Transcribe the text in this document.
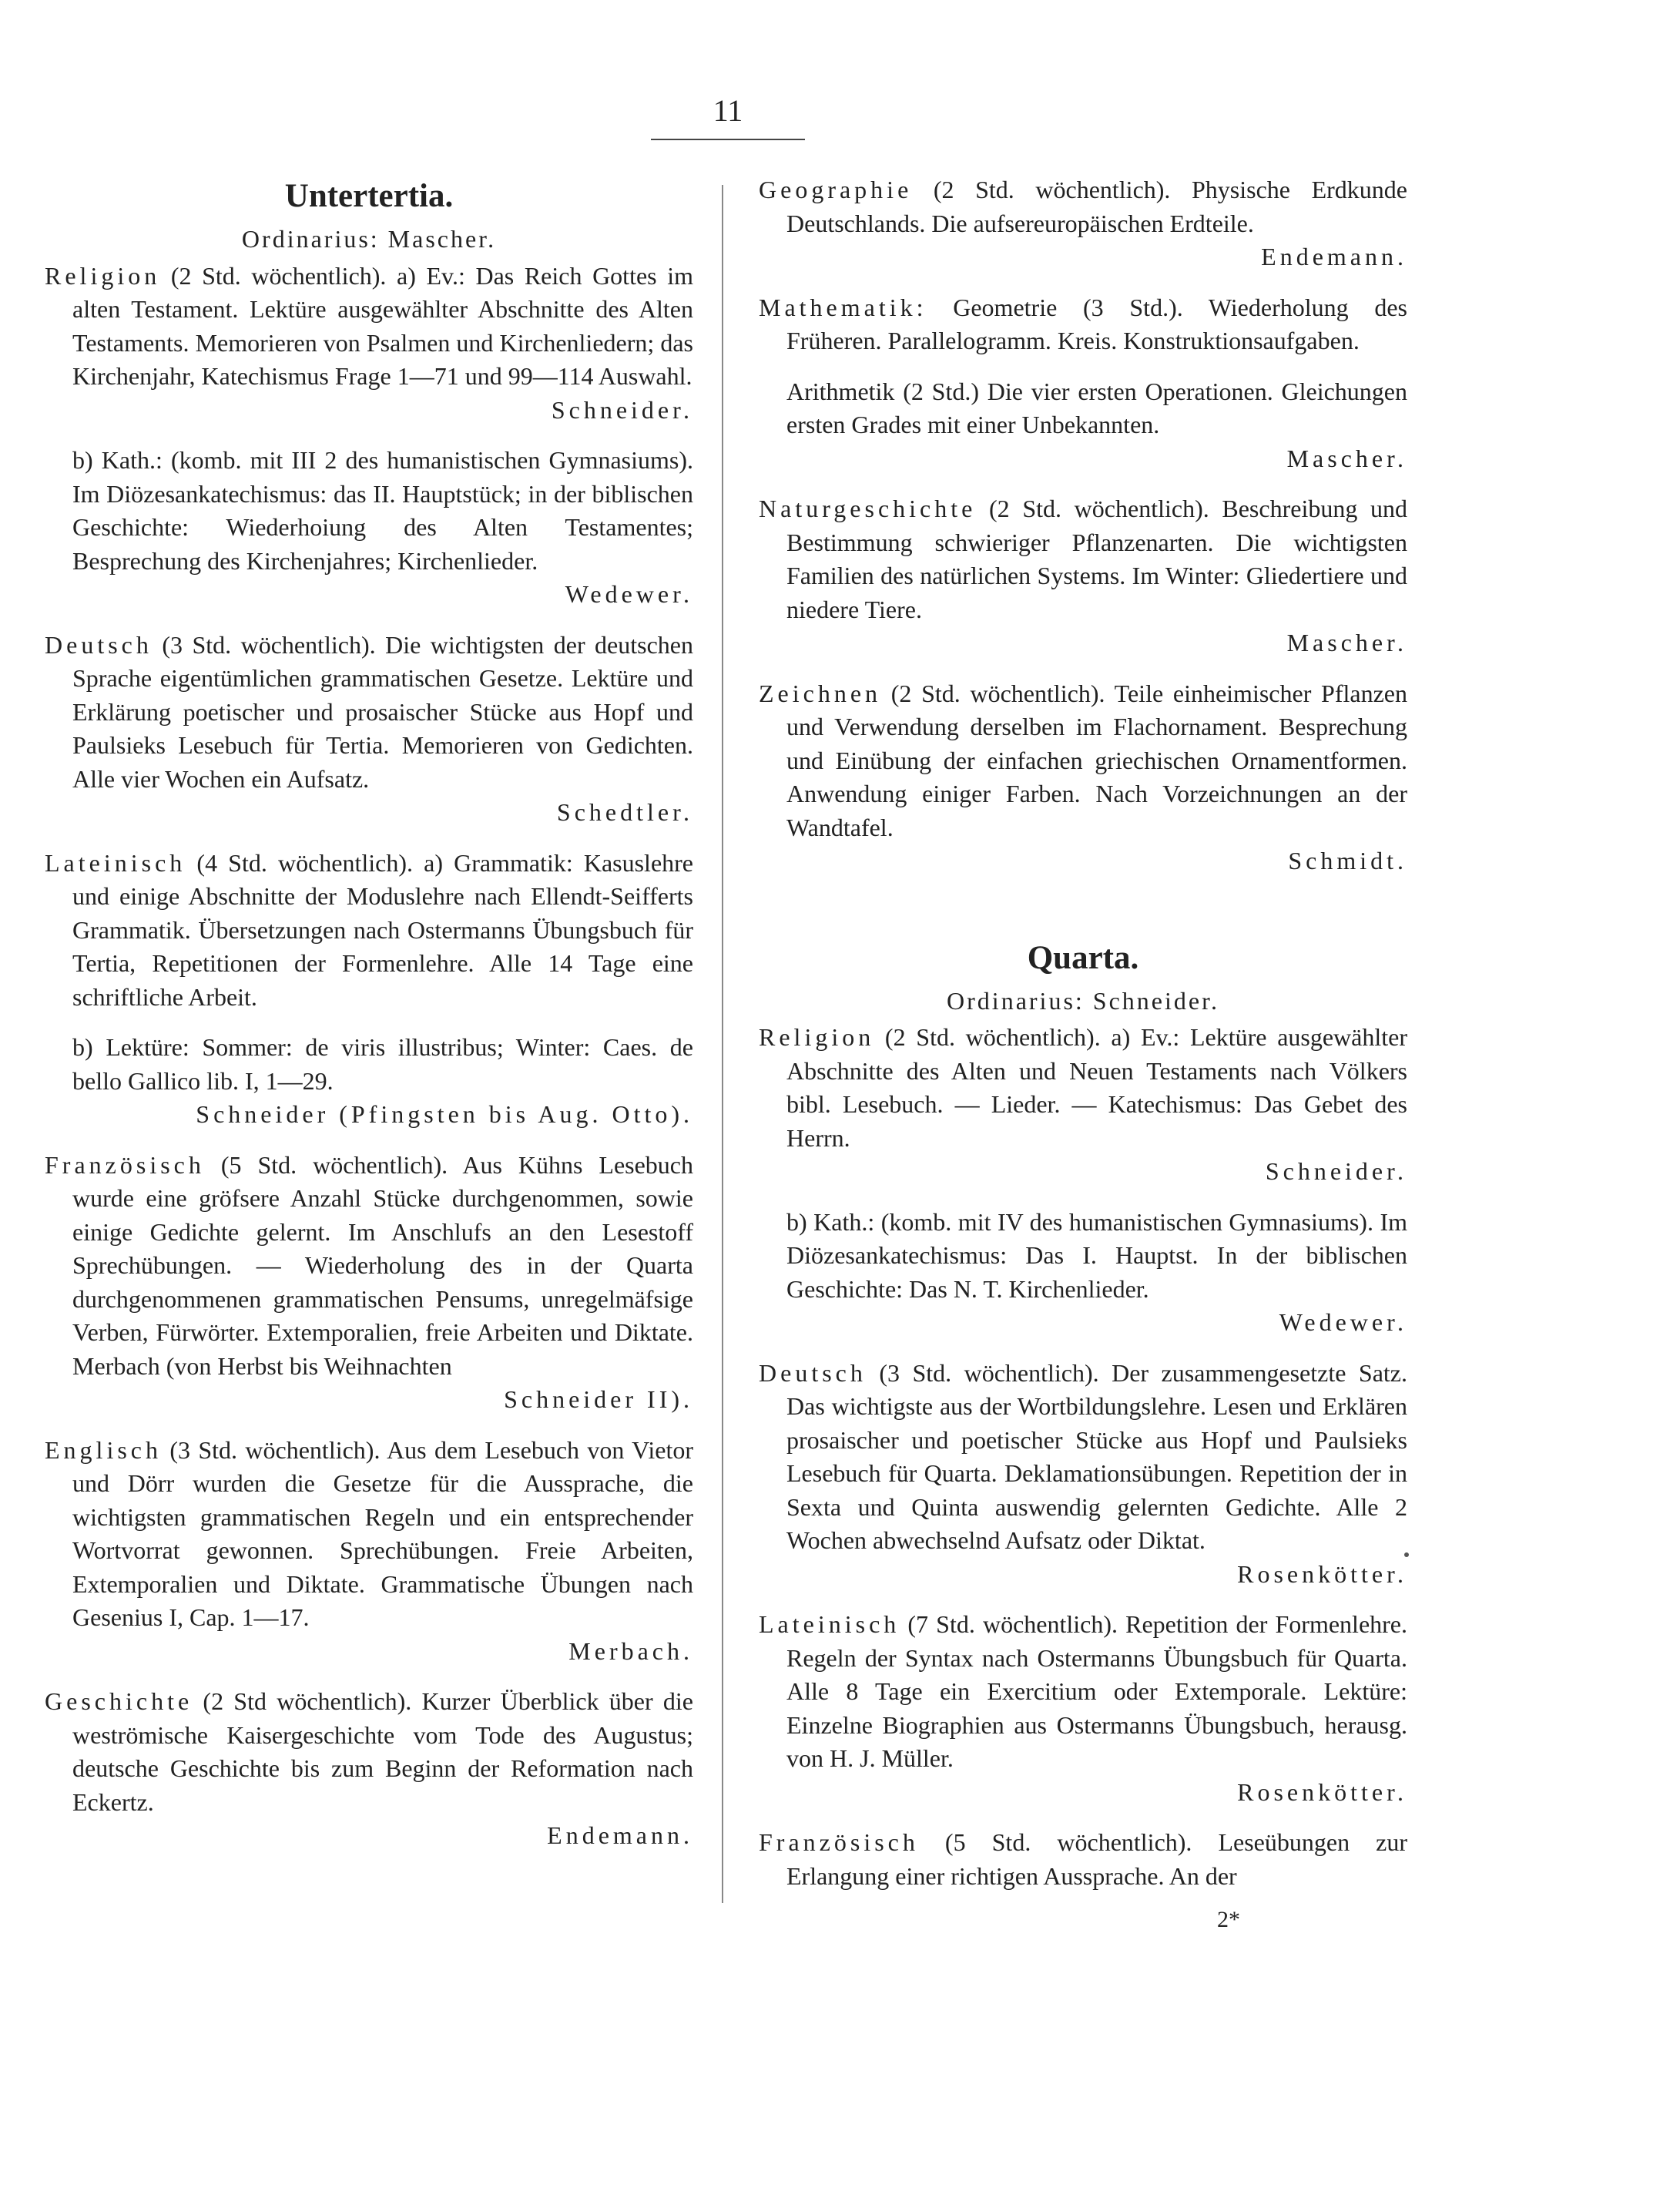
11
Untertertia.
Ordinarius: Mascher.

Religion (2 Std. wöchentlich). a) Ev.: Das Reich Gottes im alten Testament. Lektüre ausgewählter Abschnitte des Alten Testaments. Memorieren von Psalmen und Kirchenliedern; das Kirchenjahr, Katechismus Frage 1—71 und 99—114 Auswahl.
Schneider.

b) Kath.: (komb. mit III 2 des humanistischen Gymnasiums). Im Diözesankatechismus: das II. Hauptstück; in der biblischen Geschichte: Wiederhoiung des Alten Testamentes; Besprechung des Kirchenjahres; Kirchenlieder.
Wedewer.

Deutsch (3 Std. wöchentlich). Die wichtigsten der deutschen Sprache eigentümlichen grammatischen Gesetze. Lektüre und Erklärung poetischer und prosaischer Stücke aus Hopf und Paulsieks Lesebuch für Tertia. Memorieren von Gedichten. Alle vier Wochen ein Aufsatz.
Schedtler.

Lateinisch (4 Std. wöchentlich). a) Grammatik: Kasuslehre und einige Abschnitte der Moduslehre nach Ellendt-Seifferts Grammatik. Übersetzungen nach Ostermanns Übungsbuch für Tertia, Repetitionen der Formenlehre. Alle 14 Tage eine schriftliche Arbeit.

b) Lektüre: Sommer: de viris illustribus; Winter: Caes. de bello Gallico lib. I, 1—29.
Schneider (Pfingsten bis Aug. Otto).

Französisch (5 Std. wöchentlich). Aus Kühns Lesebuch wurde eine gröfsere Anzahl Stücke durchgenommen, sowie einige Gedichte gelernt. Im Anschlufs an den Lesestoff Sprechübungen. — Wiederholung des in der Quarta durchgenommenen grammatischen Pensums, unregelmäfsige Verben, Fürwörter. Extemporalien, freie Arbeiten und Diktate. Merbach (von Herbst bis Weihnachten
Schneider II).

Englisch (3 Std. wöchentlich). Aus dem Lesebuch von Vietor und Dörr wurden die Gesetze für die Aussprache, die wichtigsten grammatischen Regeln und ein entsprechender Wortvorrat gewonnen. Sprechübungen. Freie Arbeiten, Extemporalien und Diktate. Grammatische Übungen nach Gesenius I, Cap. 1—17.
Merbach.

Geschichte (2 Std wöchentlich). Kurzer Überblick über die weströmische Kaisergeschichte vom Tode des Augustus; deutsche Geschichte bis zum Beginn der Reformation nach Eckertz.
Endemann.

Geographie (2 Std. wöchentlich). Physische Erdkunde Deutschlands. Die aufsereuropäischen Erdteile.
Endemann.

Mathematik: Geometrie (3 Std.). Wiederholung des Früheren. Parallelogramm. Kreis. Konstruktionsaufgaben.

Arithmetik (2 Std.) Die vier ersten Operationen. Gleichungen ersten Grades mit einer Unbekannten.
Mascher.

Naturgeschichte (2 Std. wöchentlich). Beschreibung und Bestimmung schwieriger Pflanzenarten. Die wichtigsten Familien des natürlichen Systems. Im Winter: Gliedertiere und niedere Tiere.
Mascher.

Zeichnen (2 Std. wöchentlich). Teile einheimischer Pflanzen und Verwendung derselben im Flachornament. Besprechung und Einübung der einfachen griechischen Ornamentformen. Anwendung einiger Farben. Nach Vorzeichnungen an der Wandtafel.
Schmidt.

Quarta.
Ordinarius: Schneider.

Religion (2 Std. wöchentlich). a) Ev.: Lektüre ausgewählter Abschnitte des Alten und Neuen Testaments nach Völkers bibl. Lesebuch. — Lieder. — Katechismus: Das Gebet des Herrn.
Schneider.

b) Kath.: (komb. mit IV des humanistischen Gymnasiums). Im Diözesankatechismus: Das I. Hauptst. In der biblischen Geschichte: Das N. T. Kirchenlieder.
Wedewer.

Deutsch (3 Std. wöchentlich). Der zusammengesetzte Satz. Das wichtigste aus der Wortbildungslehre. Lesen und Erklären prosaischer und poetischer Stücke aus Hopf und Paulsieks Lesebuch für Quarta. Deklamationsübungen. Repetition der in Sexta und Quinta auswendig gelernten Gedichte. Alle 2 Wochen abwechselnd Aufsatz oder Diktat.
Rosenkötter.

Lateinisch (7 Std. wöchentlich). Repetition der Formenlehre. Regeln der Syntax nach Ostermanns Übungsbuch für Quarta. Alle 8 Tage ein Exercitium oder Extemporale. Lektüre: Einzelne Biographien aus Ostermanns Übungsbuch, herausg. von H. J. Müller.
Rosenkötter.

Französisch (5 Std. wöchentlich). Leseübungen zur Erlangung einer richtigen Aussprache. An der

2*
